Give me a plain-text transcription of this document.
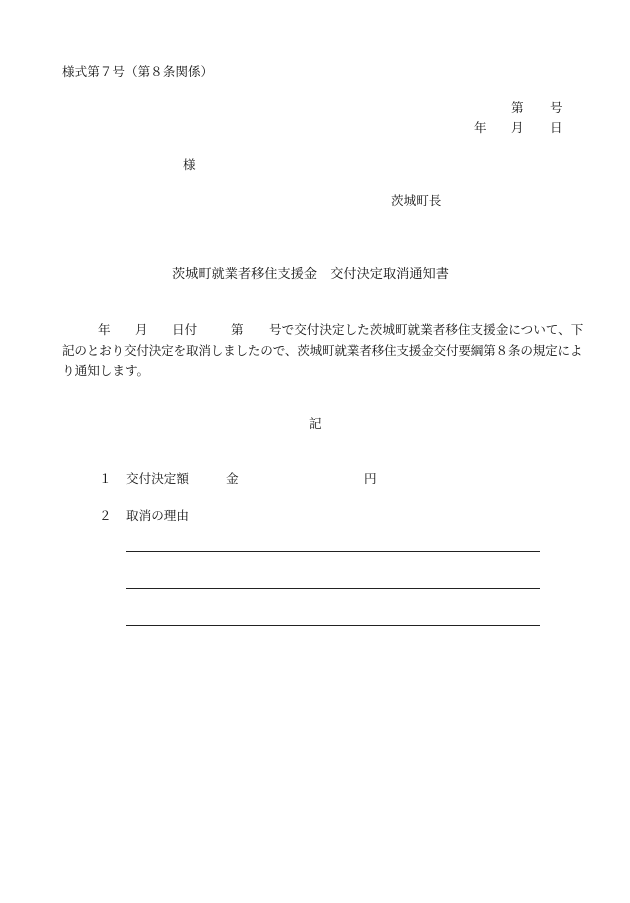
様式第７号（第８条関係）
第 号
年 月 日
様
茨城町長
茨城町就業者移住支援金　交付決定取消通知書
年 月 日付	第 号で交付決定した茨城町就業者移住支援金について、下
記のとおり交付決定を取消しましたので、茨城町就業者移住支援金交付要綱第８条の規定によ
り通知します。
記
１ 交付決定額	金	円
２ 取消の理由
